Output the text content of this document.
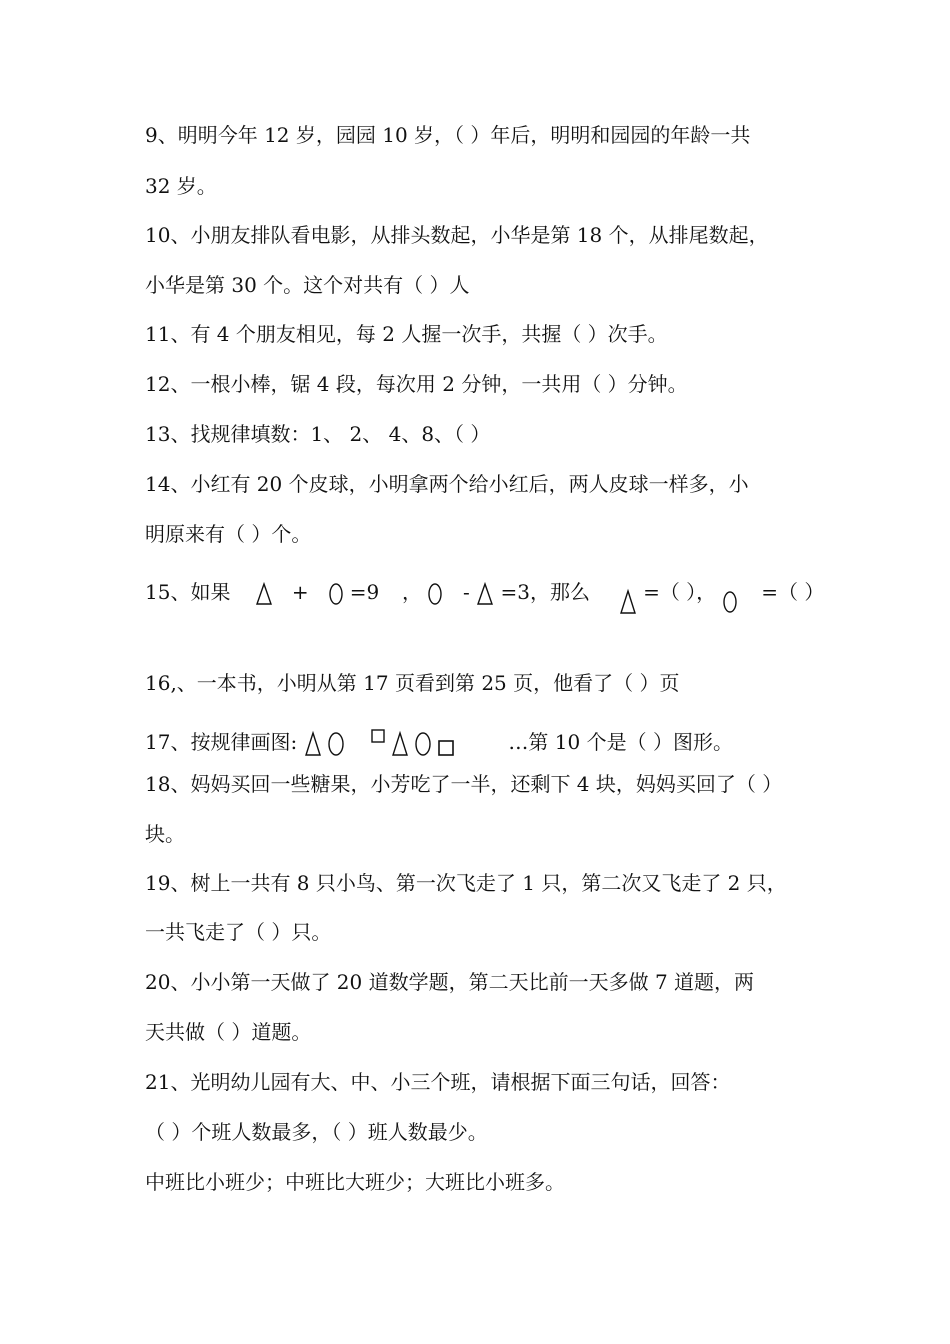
9、明明今年 12 岁，园园 10 岁，（ ）年后，明明和园园的年龄一共
32 岁。
10、小朋友排队看电影，从排头数起，小华是第 18 个，从排尾数起，
小华是第 30 个。这个对共有（ ）人
11、有 4 个朋友相见，每 2 人握一次手，共握（ ）次手。
12、一根小棒，锯 4 段，每次用 2 分钟，一共用（ ）分钟。
13、找规律填数：1、 2、 4、8、（ ）
14、小红有 20 个皮球，小明拿两个给小红后，两人皮球一样多，小
明原来有（ ）个。
15、如果	+ =9 ， - =3，那么	=（ ）， =（ ）
16,、一本书，小明从第 17 页看到第 25 页，他看了（ ）页
17、按规律画图:	…第 10 个是（ ）图形。
18、妈妈买回一些糖果，小芳吃了一半，还剩下 4 块，妈妈买回了（ ）
块。
19、树上一共有 8 只小鸟、第一次飞走了 1 只，第二次又飞走了 2 只，
一共飞走了（ ）只。
20、小小第一天做了 20 道数学题，第二天比前一天多做 7 道题，两
天共做（ ）道题。
21、光明幼儿园有大、中、小三个班，请根据下面三句话，回答：
（ ）个班人数最多，（ ）班人数最少。
中班比小班少；中班比大班少；大班比小班多。
